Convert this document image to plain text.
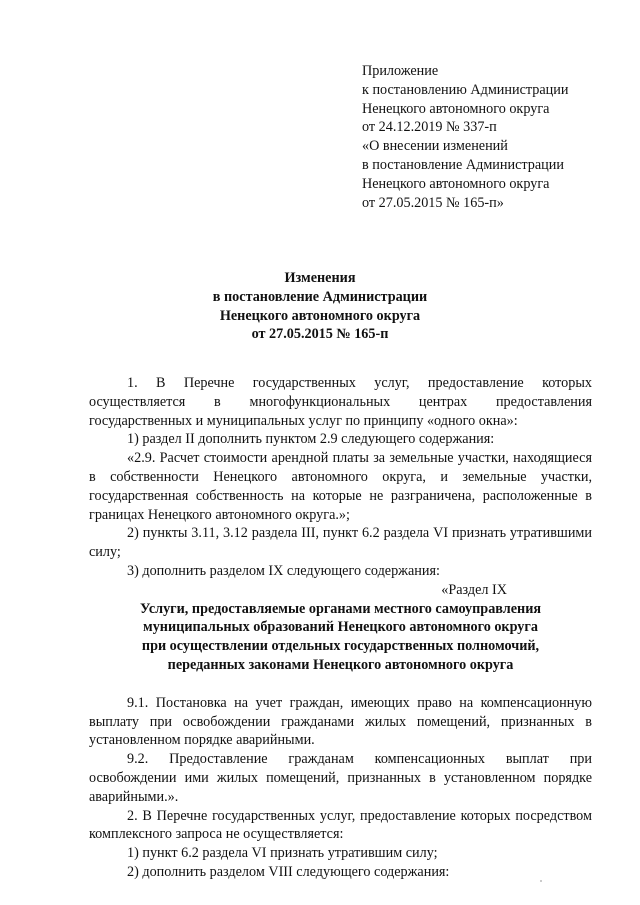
Приложение
к постановлению Администрации
Ненецкого автономного округа
от 24.12.2019 № 337-п
«О внесении изменений
в постановление Администрации
Ненецкого автономного округа
от 27.05.2015 № 165-п»
Изменения
в постановление Администрации
Ненецкого автономного округа
от 27.05.2015 № 165-п

1. В Перечне государственных услуг, предоставление которых осуществляется в многофункциональных центрах предоставления государственных и муниципальных услуг по принципу «одного окна»:

1) раздел II дополнить пунктом 2.9 следующего содержания:

«2.9. Расчет стоимости арендной платы за земельные участки, находящиеся в собственности Ненецкого автономного округа, и земельные участки, государственная собственность на которые не разграничена, расположенные в границах Ненецкого автономного округа.»;

2) пункты 3.11, 3.12 раздела III, пункт 6.2 раздела VI признать утратившими силу;

3) дополнить разделом IX следующего содержания:

«Раздел IX

Услуги, предоставляемые органами местного самоуправления
муниципальных образований Ненецкого автономного округа
при осуществлении отдельных государственных полномочий,
переданных законами Ненецкого автономного округа

9.1. Постановка на учет граждан, имеющих право на компенсационную выплату при освобождении гражданами жилых помещений, признанных в установленном порядке аварийными.

9.2. Предоставление гражданам компенсационных выплат при освобождении ими жилых помещений, признанных в установленном порядке аварийными.».

2. В Перечне государственных услуг, предоставление которых посредством комплексного запроса не осуществляется:

1) пункт 6.2 раздела VI признать утратившим силу;

2) дополнить разделом VIII следующего содержания:
